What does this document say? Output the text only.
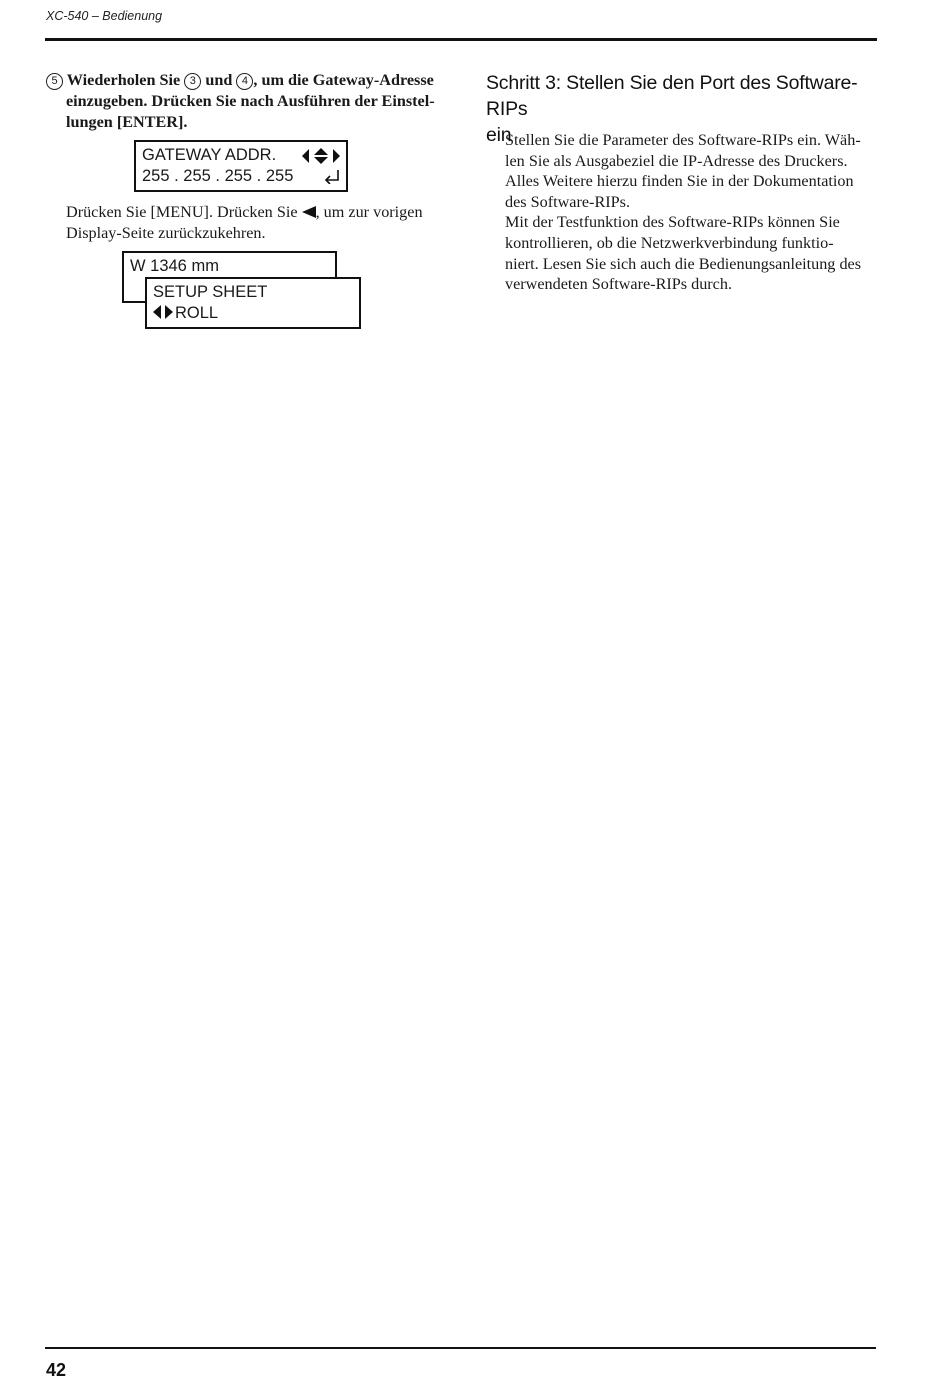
XC-540 – Bedienung
5 Wiederholen Sie 3 und 4 , um die Gateway-Adresse
einzugeben. Drücken Sie nach Ausführen der Einstel-
lungen [ENTER].
GATEWAY ADDR.
255 . 255 . 255 . 255
Drücken Sie [MENU]. Drücken Sie , um zur vorigen
Display-Seite zurückzukehren.
W 1346 mm
SETUP SHEET
ROLL
Schritt 3: Stellen Sie den Port des Software-RIPs
ein
Stellen Sie die Parameter des Software-RIPs ein. Wäh-
len Sie als Ausgabeziel die IP-Adresse des Druckers.
Alles Weitere hierzu finden Sie in der Dokumentation
des Software-RIPs.
Mit der Testfunktion des Software-RIPs können Sie
kontrollieren, ob die Netzwerkverbindung funktio-
niert. Lesen Sie sich auch die Bedienungsanleitung des
verwendeten Software-RIPs durch.
42
